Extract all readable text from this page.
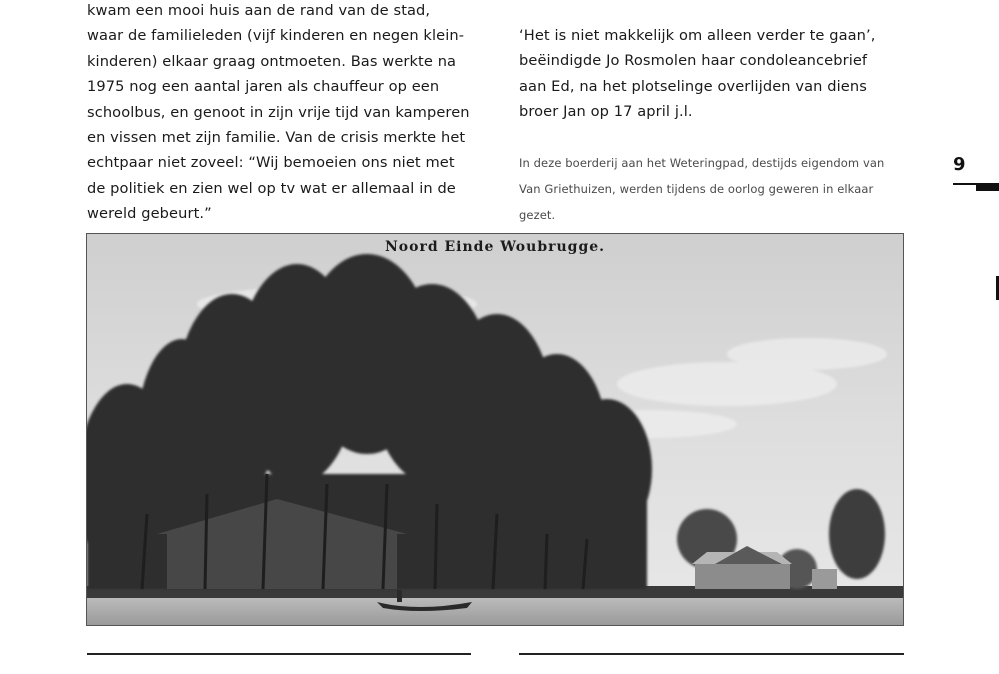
kwam een mooi huis aan de rand van de stad,
waar de familieleden (vijf kinderen en negen klein-
kinderen) elkaar graag ontmoeten. Bas werkte na
1975 nog een aantal jaren als chauffeur op een
schoolbus, en genoot in zijn vrije tijd van kamperen
en vissen met zijn familie. Van de crisis merkte het
echtpaar niet zoveel: “Wij bemoeien ons niet met
de politiek en zien wel op tv wat er allemaal in de
wereld gebeurt.”
‘Het is niet makkelijk om alleen verder te gaan’,
beëindigde Jo Rosmolen haar condoleancebrief
aan Ed, na het plotselinge overlijden van diens
broer Jan op 17 april j.l.
In deze boerderij aan het Weteringpad, destijds eigendom van
Van Griethuizen, werden tijdens de oorlog geweren in elkaar
gezet.
9
Noord Einde Woubrugge.
